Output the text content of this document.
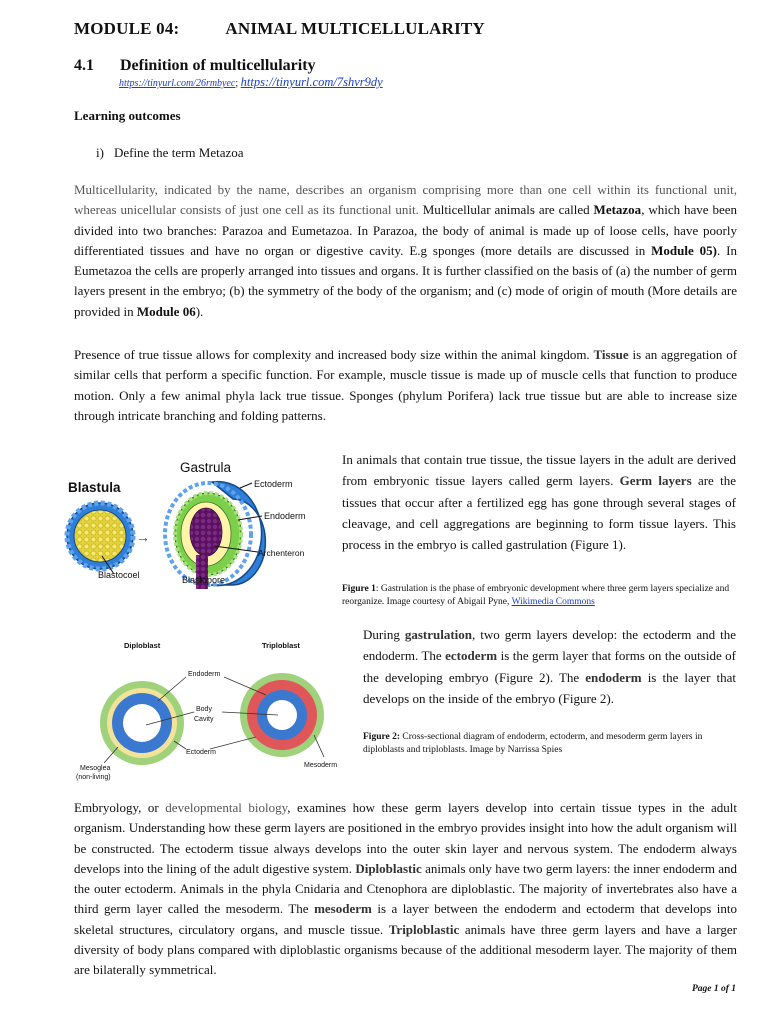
MODULE 04:	ANIMAL MULTICELLULARITY
4.1 Definition of multicellularity
https://tinyurl.com/26rmbyec; https://tinyurl.com/7shvr9dy
Learning outcomes
i) Define the term Metazoa

Multicellularity, indicated by the name, describes an organism comprising more than one cell within its functional unit, whereas unicellular consists of just one cell as its functional unit. Multicellular animals are called Metazoa, which have been divided into two branches: Parazoa and Eumetazoa. In Parazoa, the body of animal is made up of loose cells, have poorly differentiated tissues and have no organ or digestive cavity. E.g sponges (more details are discussed in Module 05). In Eumetazoa the cells are properly arranged into tissues and organs. It is further classified on the basis of (a) the number of germ layers present in the embryo; (b) the symmetry of the body of the organism; and (c) mode of origin of mouth (More details are provided in Module 06).

Presence of true tissue allows for complexity and increased body size within the animal kingdom. Tissue is an aggregation of similar cells that perform a specific function. For example, muscle tissue is made up of muscle cells that function to produce motion. Only a few animal phyla lack true tissue. Sponges (phylum Porifera) lack true tissue but are able to increase size through intricate branching and folding patterns.

Blastula
→
Gastrula
Ectoderm
Endoderm
Archenteron
Blastocoel	Blastopore

In animals that contain true tissue, the tissue layers in the adult are derived from embryonic tissue layers called germ layers. Germ layers are the tissues that occur after a fertilized egg has gone through several stages of cleavage, and cell aggregations are beginning to form tissue layers. This process in the embryo is called gastrulation (Figure 1).

Figure 1: Gastrulation is the phase of embryonic development where three germ layers specialize and reorganize. Image courtesy of Abigail Pyne, Wikimedia Commons
Diploblast	Triploblast
Endoderm
Body
Cavity
Ectoderm
Mesoglea
(non-living)
Mesoderm

During gastrulation, two germ layers develop: the ectoderm and the endoderm. The ectoderm is the germ layer that forms on the outside of the developing embryo (Figure 2). The endoderm is the layer that develops on the inside of the embryo (Figure 2).

Figure 2: Cross-sectional diagram of endoderm, ectoderm, and mesoderm germ layers in diploblasts and triploblasts. Image by Narrissa Spies

Embryology, or developmental biology, examines how these germ layers develop into certain tissue types in the adult organism. Understanding how these germ layers are positioned in the embryo provides insight into how the adult organism will be constructed. The ectoderm tissue always develops into the outer skin layer and nervous system. The endoderm always develops into the lining of the adult digestive system. Diploblastic animals only have two germ layers: the inner endoderm and the outer ectoderm. Animals in the phyla Cnidaria and Ctenophora are diploblastic. The majority of invertebrates also have a third germ layer called the mesoderm. The mesoderm is a layer between the endoderm and ectoderm that develops into skeletal structures, circulatory organs, and muscle tissue. Triploblastic animals have three germ layers and have a larger diversity of body plans compared with diploblastic organisms because of the additional mesoderm layer. The majority of them are bilaterally symmetrical.

Page 1 of 1
